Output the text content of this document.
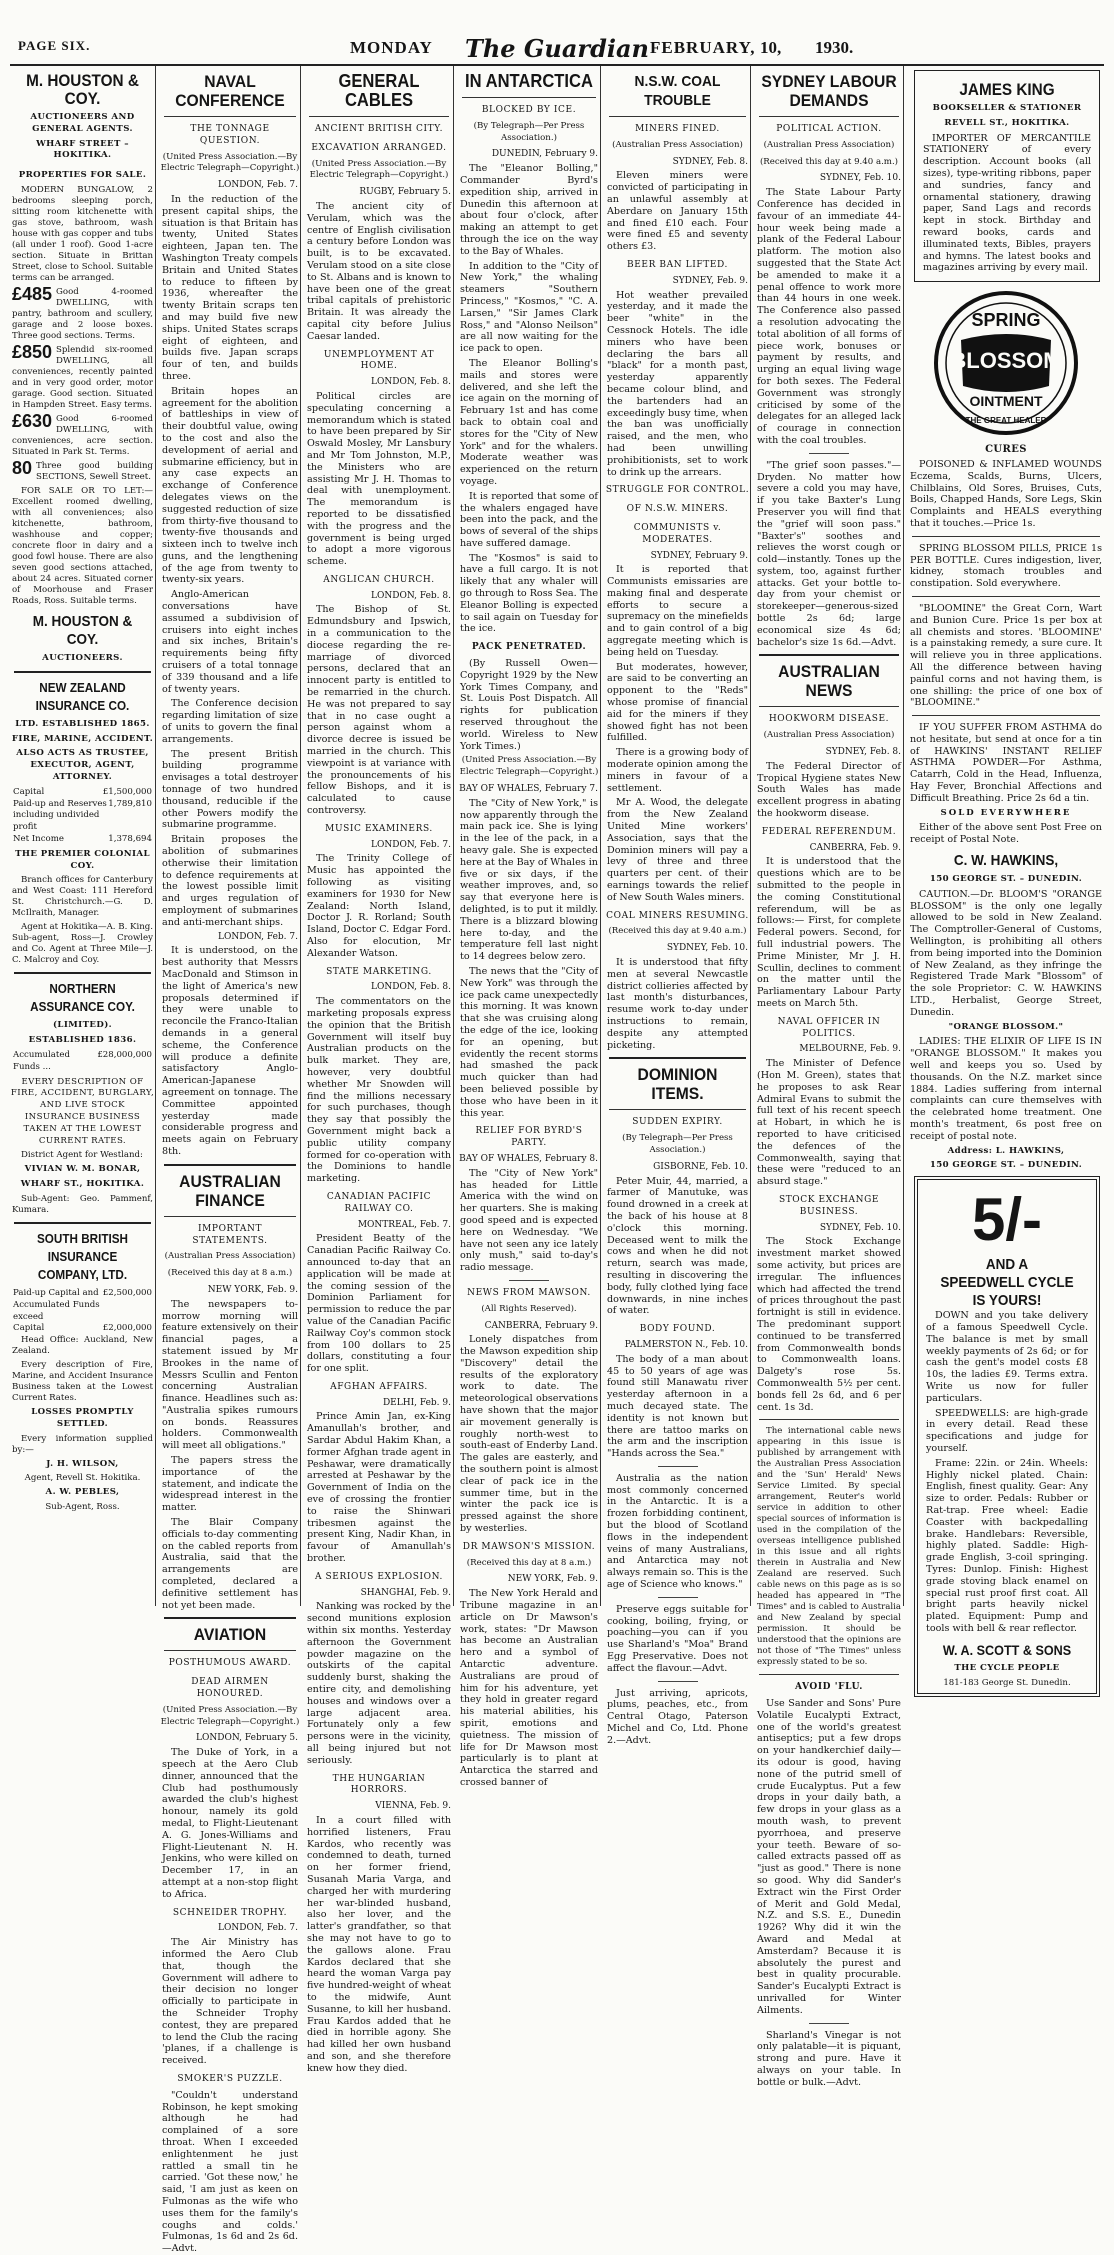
PAGE SIX.	MONDAY The Guardian FEBRUARY, 10, 1930.
M. HOUSTON & COY.
AUCTIONEERS AND GENERAL AGENTS.
WHARF STREET – HOKITIKA.
PROPERTIES FOR SALE.
MODERN BUNGALOW, 2 bedrooms sleeping porch, sitting room kitchenette with gas stove, bathroom, wash house with gas copper and tubs (all under 1 roof). Good 1-acre section. Situate in Brittan Street, close to School. Suitable terms can be arranged.
£485 Good 4-roomed DWELLING, with pantry, bathroom and scullery, garage and 2 loose boxes. Three good sections. Terms.
£850 Splendid six-roomed DWELLING, all conveniences, recently painted and in very good order, motor garage. Good section. Situated in Hampden Street. Easy terms.
£630 Good 6-roomed DWELLING, with conveniences, acre section. Situated in Park St. Terms.
80 Three good building SECTIONS, Sewell Street.
FOR SALE OR TO LET:—Excellent roomed dwelling, with all conveniences; also kitchenette, bathroom, washhouse and copper; concrete floor in dairy and a good fowl house. There are also seven good sections attached, about 24 acres. Situated corner of Moorhouse and Fraser Roads, Ross. Suitable terms.
M. HOUSTON & COY.
AUCTIONEERS.
NEW ZEALAND INSURANCE CO.
LTD. ESTABLISHED 1865.
FIRE, MARINE, ACCIDENT.
ALSO ACTS AS TRUSTEE, EXECUTOR, AGENT, ATTORNEY.
Capital	£1,500,000
Paid-up and Reserves including undivided profit
1,789,810
Net Income	1,378,694
THE PREMIER COLONIAL COY.
Branch offices for Canterbury and West Coast: 111 Hereford St. Christchurch.—G. D. McIlraith, Manager.
Agent at Hokitika—A. B. King. Sub-agent, Ross—J. Crowley and Co. Agent at Three Mile—J. C. Malcroy and Coy.
NORTHERN ASSURANCE COY.
(LIMITED).
ESTABLISHED 1836.
Accumulated Funds ...
£28,000,000
EVERY DESCRIPTION OF FIRE, ACCIDENT, BURGLARY, AND LIVE STOCK INSURANCE BUSINESS TAKEN AT THE LOWEST CURRENT RATES.
District Agent for Westland:
VIVIAN W. M. BONAR,
WHARF ST., HOKITIKA.
Sub-Agent: Geo. Pammenf, Kumara.
SOUTH BRITISH INSURANCE COMPANY, LTD.
Paid-up Capital and Accumulated Funds exceed
£2,500,000
Capital	£2,000,000
Head Office: Auckland, New Zealand.
Every description of Fire, Marine, and Accident Insurance Business taken at the Lowest Current Rates.
LOSSES PROMPTLY SETTLED.
Every information supplied by:—
J. H. WILSON,
Agent, Revell St. Hokitika.
A. W. PEBLES,
Sub-Agent, Ross.
NAVAL CONFERENCE
THE TONNAGE QUESTION.
(United Press Association.—By Electric Telegraph—Copyright.)
LONDON, Feb. 7.
In the reduction of the present capital ships, the situation is that Britain has twenty, United States eighteen, Japan ten. The Washington Treaty compels Britain and United States to reduce to fifteen by 1936, whereafter the twenty Britain scraps ten and may build five new ships. United States scraps eight of eighteen, and builds five. Japan scraps four of ten, and builds three.
Britain hopes an agreement for the abolition of battleships in view of their doubtful value, owing to the cost and also the development of aerial and submarine efficiency, but in any case expects an exchange of Conference delegates views on the suggested reduction of size from thirty-five thousand to twenty-five thousands and sixteen inch to twelve inch guns, and the lengthening of the age from twenty to twenty-six years.
Anglo-American conversations have assumed a subdivision of cruisers into eight inches and six inches, Britain's requirements being fifty cruisers of a total tonnage of 339 thousand and a life of twenty years.
The Conference decision regarding limitation of size of units to govern the final arrangements.
The present British building programme envisages a total destroyer tonnage of two hundred thousand, reducible if the other Powers modify the submarine programme.
Britain proposes the abolition of submarines otherwise their limitation to defence requirements at the lowest possible limit and urges regulation of employment of submarines and anti-merchant ships.
LONDON, Feb. 7.
It is understood, on the best authority that Messrs MacDonald and Stimson in the light of America's new proposals determined if they were unable to reconcile the Franco-Italian demands in a general scheme, the Conference will produce a definite satisfactory Anglo-American-Japanese agreement on tonnage. The Committee appointed yesterday made considerable progress and meets again on February 8th.
AUSTRALIAN FINANCE
IMPORTANT STATEMENTS.
(Australian Press Association)
(Received this day at 8 a.m.)
NEW YORK, Feb. 9.
The newspapers to-morrow morning will feature extensively on their financial pages, a statement issued by Mr Brookes in the name of Messrs Scullin and Fenton concerning Australian finance. Headlines such as: "Australia spikes rumours on bonds. Reassures holders. Commonwealth will meet all obligations."
The papers stress the importance of the statement, and indicate the widespread interest in the matter.
The Blair Company officials to-day commenting on the cabled reports from Australia, said that the arrangements are completed, declared a definitive settlement has not yet been made.
AVIATION
POSTHUMOUS AWARD.
DEAD AIRMEN HONOURED.
(United Press Association.—By Electric Telegraph—Copyright.)
LONDON, February 5.
The Duke of York, in a speech at the Aero Club dinner, announced that the Club had posthumously awarded the club's highest honour, namely its gold medal, to Flight-Lieutenant A. G. Jones-Williams and Flight-Lieutenant N. H. Jenkins, who were killed on December 17, in an attempt at a non-stop flight to Africa.
SCHNEIDER TROPHY.
LONDON, Feb. 7.
The Air Ministry has informed the Aero Club that, though the Government will adhere to their decision no longer officially to participate in the Schneider Trophy contest, they are prepared to lend the Club the racing 'planes, if a challenge is received.
SMOKER'S PUZZLE.
"Couldn't understand Robinson, he kept smoking although he had complained of a sore throat. When I exceeded enlightenment he just rattled a small tin he carried. 'Got these now,' he said, 'I am just as keen on Fulmonas as the wife who uses them for the family's coughs and colds.' Fulmonas, 1s 6d and 2s 6d.—Advt.
GENERAL CABLES
ANCIENT BRITISH CITY.
EXCAVATION ARRANGED.
(United Press Association.—By Electric Telegraph—Copyright.)
RUGBY, February 5.
The ancient city of Verulam, which was the centre of English civilisation a century before London was built, is to be excavated. Verulam stood on a site close to St. Albans and is known to have been one of the great tribal capitals of prehistoric Britain. It was already the capital city before Julius Caesar landed.
UNEMPLOYMENT AT HOME.
LONDON, Feb. 8.
Political circles are speculating concerning a memorandum which is stated to have been prepared by Sir Oswald Mosley, Mr Lansbury and Mr Tom Johnston, M.P., the Ministers who are assisting Mr J. H. Thomas to deal with unemployment. The memorandum is reported to be dissatisfied with the progress and the government is being urged to adopt a more vigorous scheme.
ANGLICAN CHURCH.
LONDON, Feb. 8.
The Bishop of St. Edmundsbury and Ipswich, in a communication to the diocese regarding the re-marriage of divorced persons, declared that an innocent party is entitled to be remarried in the church. He was not prepared to say that in no case ought a person against whom a divorce decree is issued be married in the church. This viewpoint is at variance with the pronouncements of his fellow Bishops, and it is calculated to cause controversy.
MUSIC EXAMINERS.
LONDON, Feb. 7.
The Trinity College of Music has appointed the following as visiting examiners for 1930 for New Zealand: North Island, Doctor J. R. Rorland; South Island, Doctor C. Edgar Ford. Also for elocution, Mr Alexander Watson.
STATE MARKETING.
LONDON, Feb. 8.
The commentators on the marketing proposals express the opinion that the British Government will itself buy Australian products on the bulk market. They are, however, very doubtful whether Mr Snowden will find the millions necessary for such purchases, though they say that possibly the Government might back a public utility company formed for co-operation with the Dominions to handle marketing.
CANADIAN PACIFIC RAILWAY CO.
MONTREAL, Feb. 7.
President Beatty of the Canadian Pacific Railway Co. announced to-day that an application will be made at the coming session of the Dominion Parliament for permission to reduce the par value of the Canadian Pacific Railway Coy's common stock from 100 dollars to 25 dollars, constituting a four for one split.
AFGHAN AFFAIRS.
DELHI, Feb. 9.
Prince Amin Jan, ex-King Amanullah's brother, and Sardar Abdul Hakim Khan, a former Afghan trade agent in Peshawar, were dramatically arrested at Peshawar by the Government of India on the eve of crossing the frontier to raise the Shinwari tribesmen against the present King, Nadir Khan, in favour of Amanullah's brother.
A SERIOUS EXPLOSION.
SHANGHAI, Feb. 9.
Nanking was rocked by the second munitions explosion within six months. Yesterday afternoon the Government powder magazine on the outskirts of the capital suddenly burst, shaking the entire city, and demolishing houses and windows over a large adjacent area. Fortunately only a few persons were in the vicinity, all being injured but not seriously.
THE HUNGARIAN HORRORS.
VIENNA, Feb. 9.
In a court filled with horrified listeners, Frau Kardos, who recently was condemned to death, turned on her former friend, Susanah Maria Varga, and charged her with murdering her war-blinded husband, also her lover, and the latter's grandfather, so that she may not have to go to the gallows alone. Frau Kardos declared that she heard the woman Varga pay five hundred-weight of wheat to the midwife, Aunt Susanne, to kill her husband. Frau Kardos added that he died in horrible agony. She had killed her own husband and son, and she therefore knew how they died.
IN ANTARCTICA
BLOCKED BY ICE.
(By Telegraph—Per Press Association.)
DUNEDIN, February 9.
The "Eleanor Bolling," Commander Byrd's expedition ship, arrived in Dunedin this afternoon at about four o'clock, after making an attempt to get through the ice on the way to the Bay of Whales.
In addition to the "City of New York," the whaling steamers "Southern Princess," "Kosmos," "C. A. Larsen," "Sir James Clark Ross," and "Alonso Neilson" are all now waiting for the ice pack to open.
The Eleanor Bolling's mails and stores were delivered, and she left the ice again on the morning of February 1st and has come back to obtain coal and stores for the "City of New York" and for the whalers. Moderate weather was experienced on the return voyage.
It is reported that some of the whalers engaged have been into the pack, and the bows of several of the ships have suffered damage.
The "Kosmos" is said to have a full cargo. It is not likely that any whaler will go through to Ross Sea. The Eleanor Bolling is expected to sail again on Tuesday for the ice.
PACK PENETRATED.
(By Russell Owen—Copyright 1929 by the New York Times Company, and St. Louis Post Dispatch. All rights for publication reserved throughout the world. Wireless to New York Times.)
(United Press Association.—By Electric Telegraph—Copyright.)
BAY OF WHALES, February 7.
The "City of New York," is now apparently through the main pack ice. She is lying in the lee of the pack, in a heavy gale. She is expected here at the Bay of Whales in five or six days, if the weather improves, and, so say that everyone here is delighted, is to put it mildly. There is a blizzard blowing here to-day, and the temperature fell last night to 14 degrees below zero.
The news that the "City of New York" was through the ice pack came unexpectedly this morning. It was known that she was cruising along the edge of the ice, looking for an opening, but evidently the recent storms had smashed the pack much quicker than had been believed possible by those who have been in it this year.
RELIEF FOR BYRD'S PARTY.
BAY OF WHALES, February 8.
The "City of New York" has headed for Little America with the wind on her quarters. She is making good speed and is expected here on Wednesday. "We have not seen any ice lately only mush," said to-day's radio message.
NEWS FROM MAWSON.
(All Rights Reserved).
CANBERRA, February 9.
Lonely dispatches from the Mawson expedition ship "Discovery" detail the results of the exploratory work to date. The meteorological observations have shown that the major air movement generally is roughly north-west to south-east of Enderby Land. The gales are easterly, and the southern point is almost clear of pack ice in the summer time, but in the winter the pack ice is pressed against the shore by westerlies.
DR MAWSON'S MISSION.
(Received this day at 8 a.m.)
NEW YORK, Feb. 9.
The New York Herald and Tribune magazine in an article on Dr Mawson's work, states: "Dr Mawson has become an Australian hero and a symbol of Antarctic adventure. Australians are proud of him for his adventure, yet they hold in greater regard his material abilities, his spirit, emotions and quietness. The mission of life for Dr Mawson most particularly is to plant at Antarctica the starred and crossed banner of
N.S.W. COAL TROUBLE
MINERS FINED.
(Australian Press Association)
SYDNEY, Feb. 8.
Eleven miners were convicted of participating in an unlawful assembly at Aberdare on January 15th and fined £10 each. Four were fined £5 and seventy others £3.
BEER BAN LIFTED.
SYDNEY, Feb. 9.
Hot weather prevailed yesterday, and it made the beer "white" in the Cessnock Hotels. The idle miners who have been declaring the bars all "black" for a month past, yesterday apparently became colour blind, and the bartenders had an exceedingly busy time, when the ban was unofficially raised, and the men, who had been unwilling prohibitionists, set to work to drink up the arrears.
STRUGGLE FOR CONTROL.
OF N.S.W. MINERS.
COMMUNISTS v. MODERATES.
SYDNEY, February 9.
It is reported that Communists emissaries are making final and desperate efforts to secure a supremacy on the minefields and to gain control of a big aggregate meeting which is being held on Tuesday.
But moderates, however, are said to be converting an opponent to the "Reds" whose promise of financial aid for the miners if they showed fight has not been fulfilled.
There is a growing body of moderate opinion among the miners in favour of a settlement.
Mr A. Wood, the delegate from the New Zealand United Mine workers' Association, says that the Dominion miners will pay a levy of three and three quarters per cent. of their earnings towards the relief of New South Wales miners.
COAL MINERS RESUMING.
(Received this day at 9.40 a.m.)
SYDNEY, Feb. 10.
It is understood that fifty men at several Newcastle district collieries affected by last month's disturbances, resume work to-day under instructions to remain, despite any attempted picketing.
DOMINION ITEMS.
SUDDEN EXPIRY.
(By Telegraph—Per Press Association.)
GISBORNE, Feb. 10.
Peter Muir, 44, married, a farmer of Manutuke, was found drowned in a creek at the back of his house at 8 o'clock this morning. Deceased went to milk the cows and when he did not return, search was made, resulting in discovering the body, fully clothed lying face downwards, in nine inches of water.
BODY FOUND.
PALMERSTON N., Feb. 10.
The body of a man about 45 to 50 years of age was found still Manawatu river yesterday afternoon in a much decayed state. The identity is not known but there are tattoo marks on the arm and the inscription "Hands across the Sea."
Australia as the nation most commonly concerned in the Antarctic. It is a frozen forbidding continent, but the blood of Scotland flows in the independent veins of many Australians, and Antarctica may not always remain so. This is the age of Science who knows."
Preserve eggs suitable for cooking, boiling, frying, or poaching—you can if you use Sharland's "Moa" Brand Egg Preservative. Does not affect the flavour.—Advt.
Just arriving, apricots, plums, peaches, etc., from Central Otago, Paterson Michel and Co, Ltd. Phone 2.—Advt.
SYDNEY LABOUR DEMANDS
POLITICAL ACTION.
(Australian Press Association)
(Received this day at 9.40 a.m.)
SYDNEY, Feb. 10.
The State Labour Party Conference has decided in favour of an immediate 44-hour week being made a plank of the Federal Labour platform. The motion also suggested that the State Act be amended to make it a penal offence to work more than 44 hours in one week. The Conference also passed a resolution advocating the total abolition of all forms of piece work, bonuses or payment by results, and urging an equal living wage for both sexes. The Federal Government was strongly criticised by some of the delegates for an alleged lack of courage in connection with the coal troubles.
"The grief soon passes."—Dryden. No matter how severe a cold you may have, if you take Baxter's Lung Preserver you will find that the "grief will soon pass." "Baxter's" soothes and relieves the worst cough or cold—instantly. Tones up the system, too, against further attacks. Get your bottle to-day from your chemist or storekeeper—generous-sized bottle 2s 6d; large economical size 4s 6d; bachelor's size 1s 6d.—Advt.
AUSTRALIAN NEWS
HOOKWORM DISEASE.
(Australian Press Association)
SYDNEY, Feb. 8.
The Federal Director of Tropical Hygiene states New South Wales has made excellent progress in abating the hookworm disease.
FEDERAL REFERENDUM.
CANBERRA, Feb. 9.
It is understood that the questions which are to be submitted to the people in the coming Constitutional referendum, will be as follows:— First, for complete Federal powers. Second, for full industrial powers. The Prime Minister, Mr J. H. Scullin, declines to comment on the matter until the Parliamentary Labour Party meets on March 5th.
NAVAL OFFICER IN POLITICS.
MELBOURNE, Feb. 9.
The Minister of Defence (Hon M. Green), states that he proposes to ask Rear Admiral Evans to submit the full text of his recent speech at Hobart, in which he is reported to have criticised the defences of the Commonwealth, saying that these were "reduced to an absurd stage."
STOCK EXCHANGE BUSINESS.
SYDNEY, Feb. 10.
The Stock Exchange investment market showed some activity, but prices are irregular. The influences which had affected the trend of prices throughout the past fortnight is still in evidence. The predominant support continued to be transferred from Commonwealth bonds to Commonwealth loans. Dalgety's rose 5s. Commonwealth 5½ per cent. bonds fell 2s 6d, and 6 per cent. 1s 3d.
The international cable news appearing in this issue is published by arrangement with the Australian Press Association and the 'Sun' Herald' News Service Limited. By special arrangement, Reuter's world service in addition to other special sources of information is used in the compilation of the overseas intelligence published in this issue and all rights therein in Australia and New Zealand are reserved. Such cable news on this page as is so headed has appeared in "The Times" and is cabled to Australia and New Zealand by special permission. It should be understood that the opinions are not those of "The Times" unless expressly stated to be so.
AVOID 'FLU.
Use Sander and Sons' Pure Volatile Eucalypti Extract, one of the world's greatest antiseptics; put a few drops on your handkerchief daily—its odour is good, having none of the putrid smell of crude Eucalyptus. Put a few drops in your daily bath, a few drops in your glass as a mouth wash, to prevent pyorrhoea, and preserve your teeth. Beware of so-called extracts passed off as "just as good." There is none so good. Why did Sander's Extract win the First Order of Merit and Gold Medal, N.Z. and S.S. E., Dunedin 1926? Why did it win the Award and Medal at Amsterdam? Because it is absolutely the purest and best in quality procurable. Sander's Eucalypti Extract is unrivalled for Winter Ailments.
Sharland's Vinegar is not only palatable—it is piquant, strong and pure. Have it always on your table. In bottle or bulk.—Advt.
JAMES KING
BOOKSELLER & STATIONER
REVELL ST., HOKITIKA.
IMPORTER OF MERCANTILE STATIONERY of every description. Account books (all sizes), type-writing ribbons, paper and sundries, fancy and ornamental stationery, drawing paper, Sand Lags and records kept in stock. Birthday and reward books, cards and illuminated texts, Bibles, prayers and hymns. The latest books and magazines arriving by every mail.
SPRING
BLOSSOM
OINTMENT
THE GREAT HEALER
CURES
POISONED & INFLAMED WOUNDS Eczema, Scalds, Burns, Ulcers, Chilblains, Old Sores, Bruises, Cuts, Boils, Chapped Hands, Sore Legs, Skin Complaints and HEALS everything that it touches.—Price 1s.
SPRING BLOSSOM PILLS, PRICE 1s PER BOTTLE. Cures indigestion, liver, kidney, stomach troubles and constipation. Sold everywhere.
"BLOOMINE" the Great Corn, Wart and Bunion Cure. Price 1s per box at all chemists and stores. 'BLOOMINE' is a painstaking remedy, a sure cure. It will relieve you in three applications. All the difference between having painful corns and not having them, is one shilling: the price of one box of "BLOOMINE."
IF YOU SUFFER FROM ASTHMA do not hesitate, but send at once for a tin of HAWKINS' INSTANT RELIEF ASTHMA POWDER—For Asthma, Catarrh, Cold in the Head, Influenza, Hay Fever, Bronchial Affections and Difficult Breathing. Price 2s 6d a tin.
SOLD EVERYWHERE
Either of the above sent Post Free on receipt of Postal Note.
C. W. HAWKINS,
150 GEORGE ST. – DUNEDIN.
CAUTION.—Dr. BLOOM'S "ORANGE BLOSSOM" is the only one legally allowed to be sold in New Zealand. The Comptroller-General of Customs, Wellington, is prohibiting all others from being imported into the Dominion of New Zealand, as they infringe the Registered Trade Mark "Blossom" of the sole Proprietor: C. W. HAWKINS LTD., Herbalist, George Street, Dunedin.
"ORANGE BLOSSOM."
LADIES: THE ELIXIR OF LIFE IS IN "ORANGE BLOSSOM." It makes you well and keeps you so. Used by thousands. On the N.Z. market since 1884. Ladies suffering from internal complaints can cure themselves with the celebrated home treatment. One month's treatment, 6s post free on receipt of postal note.
Address: L. HAWKINS,
150 GEORGE ST. – DUNEDIN.
5/-
AND A
SPEEDWELL CYCLE
IS YOURS!
DOWN and you take delivery of a famous Speedwell Cycle. The balance is met by small weekly payments of 2s 6d; or for cash the gent's model costs £8 10s, the ladies £9. Terms extra. Write us now for fuller particulars.
SPEEDWELLS: are high-grade in every detail. Read these specifications and judge for yourself.
Frame: 22in. or 24in. Wheels: Highly nickel plated. Chain: English, finest quality. Gear: Any size to order. Pedals: Rubber or Rat-trap. Free wheel: Eadie Coaster with backpedalling brake. Handlebars: Reversible, highly plated. Saddle: High-grade English, 3-coil springing. Tyres: Dunlop. Finish: Highest grade stoving black enamel on special rust proof first coat. All bright parts heavily nickel plated. Equipment: Pump and tools with bell & rear reflector.
W. A. SCOTT & SONS
THE CYCLE PEOPLE
181-183 George St. Dunedin.
